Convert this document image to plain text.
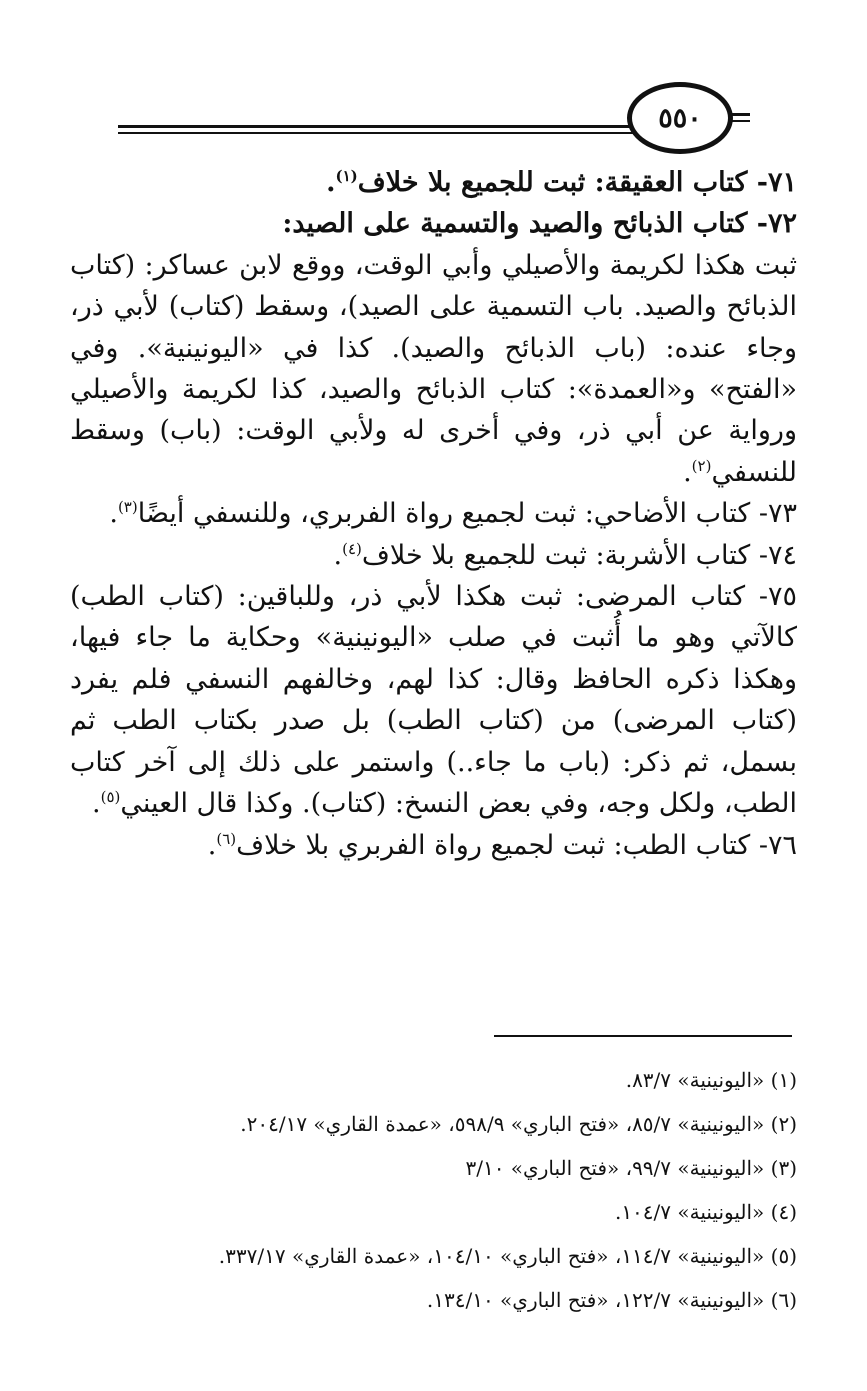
٥٥٠

٧١- كتاب العقيقة: ثبت للجميع بلا خلاف$^{(١)}$.

٧٢- كتاب الذبائح والصيد والتسمية على الصيد:

ثبت هكذا لكريمة والأصيلي وأبي الوقت، ووقع لابن عساكر: (كتاب الذبائح والصيد. باب التسمية على الصيد)، وسقط (كتاب) لأبي ذر، وجاء عنده: (باب الذبائح والصيد). كذا في «اليونينية». وفي «الفتح» و«العمدة»: كتاب الذبائح والصيد، كذا لكريمة والأصيلي ورواية عن أبي ذر، وفي أخرى له ولأبي الوقت: (باب) وسقط للنسفي$^{(٢)}$.

٧٣- كتاب الأضاحي: ثبت لجميع رواة الفربري، وللنسفي أيضًا$^{(٣)}$.

٧٤- كتاب الأشربة: ثبت للجميع بلا خلاف$^{(٤)}$.

٧٥- كتاب المرضى: ثبت هكذا لأبي ذر، وللباقين: (كتاب الطب) كالآتي وهو ما أُثبت في صلب «اليونينية» وحكاية ما جاء فيها، وهكذا ذكره الحافظ وقال: كذا لهم، وخالفهم النسفي فلم يفرد (كتاب المرضى) من (كتاب الطب) بل صدر بكتاب الطب ثم بسمل، ثم ذكر: (باب ما جاء..) واستمر على ذلك إلى آخر كتاب الطب، ولكل وجه، وفي بعض النسخ: (كتاب). وكذا قال العيني$^{(٥)}$.

٧٦- كتاب الطب: ثبت لجميع رواة الفربري بلا خلاف$^{(٦)}$.

(١) «اليونينية» ٨٣/٧.
(٢) «اليونينية» ٨٥/٧، «فتح الباري» ٥٩٨/٩، «عمدة القاري» ٢٠٤/١٧.
(٣) «اليونينية» ٩٩/٧، «فتح الباري» ٣/١٠
(٤) «اليونينية» ١٠٤/٧.
(٥) «اليونينية» ١١٤/٧، «فتح الباري» ١٠٤/١٠، «عمدة القاري» ٣٣٧/١٧.
(٦) «اليونينية» ١٢٢/٧، «فتح الباري» ١٣٤/١٠.
